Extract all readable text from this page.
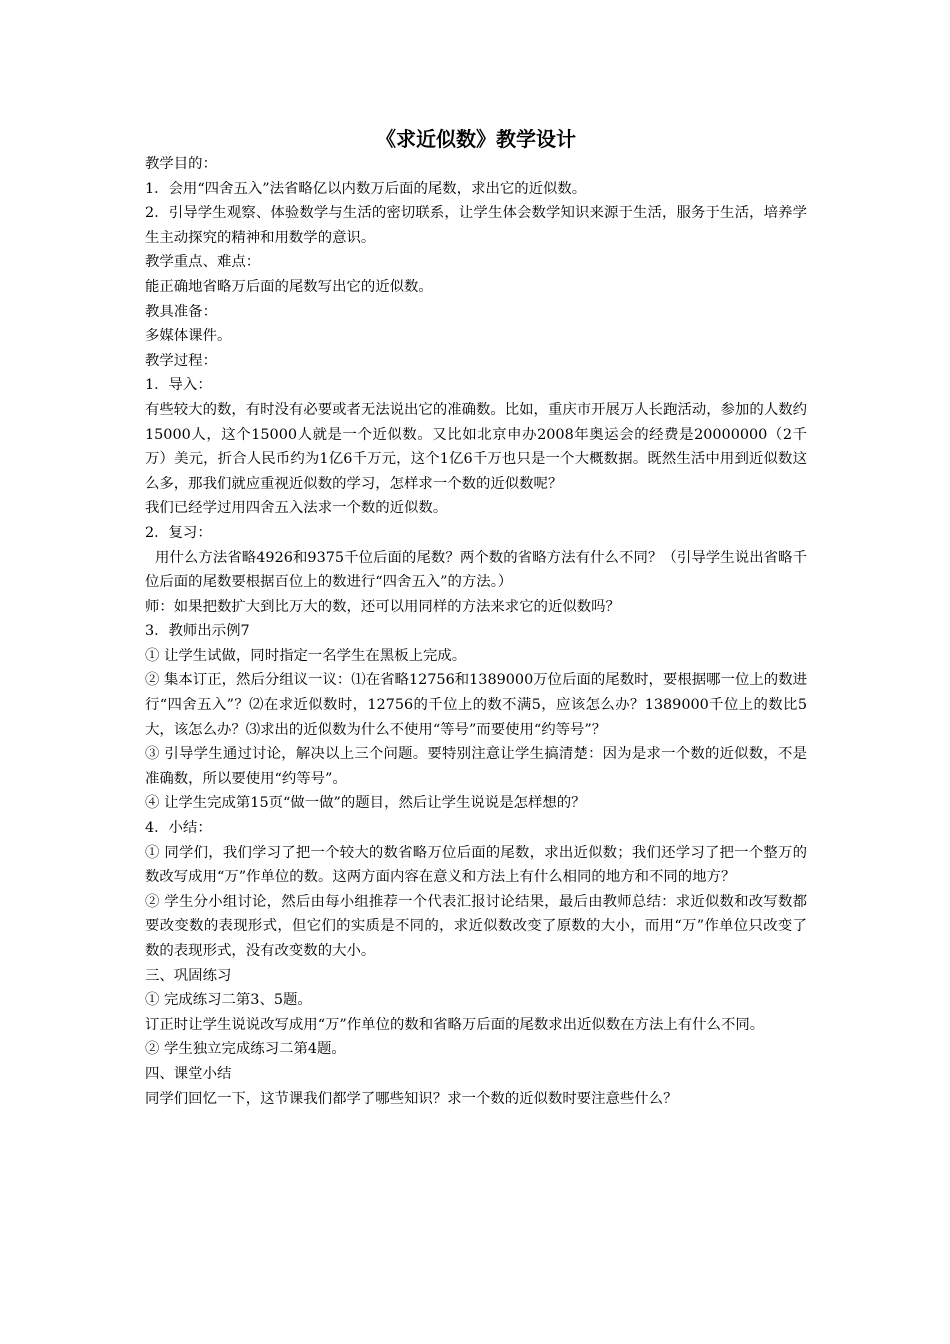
《求近似数》教学设计

教学目的：

1．会用“四舍五入”法省略亿以内数万后面的尾数，求出它的近似数。

2．引导学生观察、体验数学与生活的密切联系，让学生体会数学知识来源于生活，服务于生活，培养学生主动探究的精神和用数学的意识。

教学重点、难点：

能正确地省略万后面的尾数写出它的近似数。

教具准备：

多媒体课件。

教学过程：

1．导入：

有些较大的数，有时没有必要或者无法说出它的准确数。比如，重庆市开展万人长跑活动，参加的人数约15000人，这个15000人就是一个近似数。又比如北京申办2008年奥运会的经费是20000000（2千万）美元，折合人民币约为1亿6千万元，这个1亿6千万也只是一个大概数据。既然生活中用到近似数这么多，那我们就应重视近似数的学习，怎样求一个数的近似数呢？

我们已经学过用四舍五入法求一个数的近似数。

2．复习：

用什么方法省略4926和9375千位后面的尾数？两个数的省略方法有什么不同？（引导学生说出省略千位后面的尾数要根据百位上的数进行“四舍五入”的方法。）

师：如果把数扩大到比万大的数，还可以用同样的方法来求它的近似数吗？

3．教师出示例7

① 让学生试做，同时指定一名学生在黑板上完成。

② 集本订正，然后分组议一议：⑴在省略12756和1389000万位后面的尾数时，要根据哪一位上的数进行“四舍五入”？⑵在求近似数时，12756的千位上的数不满5，应该怎么办？1389000千位上的数比5大，该怎么办？⑶求出的近似数为什么不使用“等号”而要使用“约等号”？

③ 引导学生通过讨论，解决以上三个问题。要特别注意让学生搞清楚：因为是求一个数的近似数，不是准确数，所以要使用“约等号”。

④ 让学生完成第15页“做一做”的题目，然后让学生说说是怎样想的？

4．小结：

① 同学们，我们学习了把一个较大的数省略万位后面的尾数，求出近似数；我们还学习了把一个整万的数改写成用“万”作单位的数。这两方面内容在意义和方法上有什么相同的地方和不同的地方？

② 学生分小组讨论，然后由每小组推荐一个代表汇报讨论结果，最后由教师总结：求近似数和改写数都要改变数的表现形式，但它们的实质是不同的，求近似数改变了原数的大小，而用“万”作单位只改变了数的表现形式，没有改变数的大小。

三、巩固练习

① 完成练习二第3、5题。

订正时让学生说说改写成用“万”作单位的数和省略万后面的尾数求出近似数在方法上有什么不同。

② 学生独立完成练习二第4题。

四、课堂小结

同学们回忆一下，这节课我们都学了哪些知识？求一个数的近似数时要注意些什么？
